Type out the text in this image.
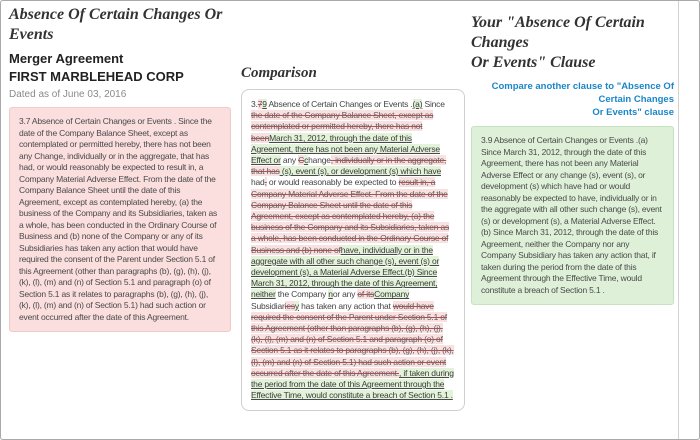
Absence Of Certain Changes Or
Events
Merger Agreement
FIRST MARBLEHEAD CORP
Dated as of June 03, 2016
3.7 Absence of Certain Changes or Events . Since the date of the Company Balance Sheet, except as contemplated or permitted hereby, there has not been any Change, individually or in the aggregate, that has had, or would reasonably be expected to result in, a Company Material Adverse Effect. From the date of the Company Balance Sheet until the date of this Agreement, except as contemplated hereby, (a) the business of the Company and its Subsidiaries, taken as a whole, has been conducted in the Ordinary Course of Business and (b) none of the Company or any of its Subsidiaries has taken any action that would have required the consent of the Parent under Section 5.1 of this Agreement (other than paragraphs (b), (g), (h), (j), (k), (l), (m) and (n) of Section 5.1 and paragraph (o) of Section 5.1 as it relates to paragraphs (b), (g), (h), (j), (k), (l), (m) and (n) of Section 5.1) had such action or event occurred after the date of this Agreement.
Comparison
3.79 Absence of Certain Changes or Events .(a) Since the date of the Company Balance Sheet, except as contemplated or permitted hereby, there has not beenMarch 31, 2012, through the date of this Agreement, there has not been any Material Adverse Effect or any Cchange, individually or in the aggregate, that has (s), event (s), or development (s) which have had, or would reasonably be expected to result in, a Company Material Adverse Effect. From the date of the Company Balance Sheet until the date of this Agreement, except as contemplated hereby, (a) the business of the Company and its Subsidiaries, taken as a whole, has been conducted in the Ordinary Course of Business and (b) none ofhave, individually or in the aggregate with all other such change (s), event (s) or development (s), a Material Adverse Effect.(b) Since March 31, 2012, through the date of this Agreement, neither the Company nor any of itsCompany Subsidiariesy has taken any action that would have required the consent of the Parent under Section 5.1 of this Agreement (other than paragraphs (b), (g), (h), (j), (k), (l), (m) and (n) of Section 5.1 and paragraph (o) of Section 5.1 as it relates to paragraphs (b), (g), (h), (j), (k), (l), (m) and (n) of Section 5.1) had such action or event occurred after the date of this Agreement., if taken during the period from the date of this Agreement through the Effective Time, would constitute a breach of Section 5.1 .
Your "Absence Of Certain Changes
Or Events" Clause
Compare another clause to "Absence Of Certain Changes
Or Events" clause
3.9 Absence of Certain Changes or Events .(a) Since March 31, 2012, through the date of this Agreement, there has not been any Material Adverse Effect or any change (s), event (s), or development (s) which have had or would reasonably be expected to have, individually or in the aggregate with all other such change (s), event (s) or development (s), a Material Adverse Effect.(b) Since March 31, 2012, through the date of this Agreement, neither the Company nor any Company Subsidiary has taken any action that, if taken during the period from the date of this Agreement through the Effective Time, would constitute a breach of Section 5.1 .
